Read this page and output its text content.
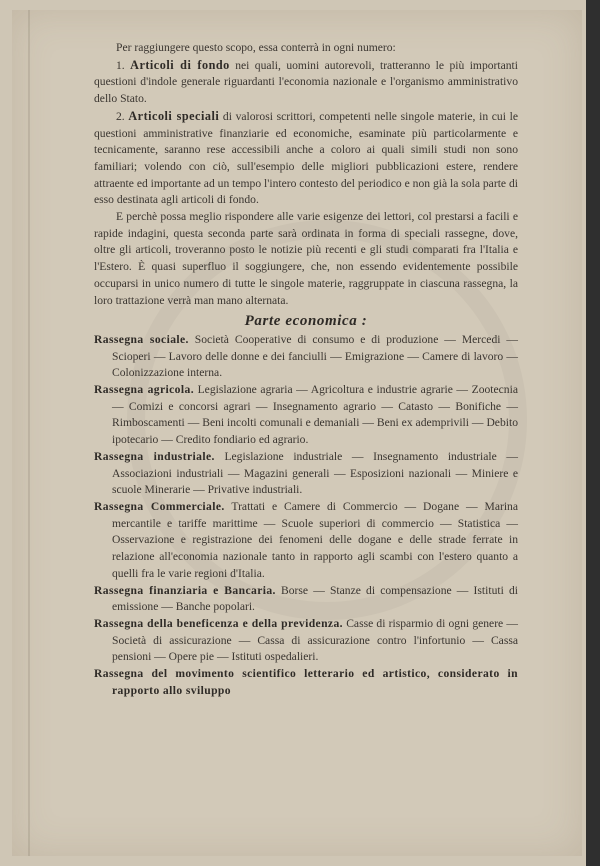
Per raggiungere questo scopo, essa conterrà in ogni numero:

1. Articoli di fondo nei quali, uomini autorevoli, tratteranno le più importanti questioni d'indole generale riguardanti l'economia nazionale e l'organismo amministrativo dello Stato.

2. Articoli speciali di valorosi scrittori, competenti nelle singole materie, in cui le questioni amministrative finanziarie ed economiche, esaminate più particolarmente e tecnicamente, saranno rese accessibili anche a coloro ai quali simili studi non sono familiari; volendo con ciò, sull'esempio delle migliori pubblicazioni estere, rendere attraente ed importante ad un tempo l'intero contesto del periodico e non già la sola parte di esso destinata agli articoli di fondo.

E perchè possa meglio rispondere alle varie esigenze dei lettori, col prestarsi a facili e rapide indagini, questa seconda parte sarà ordinata in forma di speciali rassegne, dove, oltre gli articoli, troveranno posto le notizie più recenti e gli studi comparati fra l'Italia e l'Estero. È quasi superfluo il soggiungere, che, non essendo evidentemente possibile occuparsi in unico numero di tutte le singole materie, raggruppate in ciascuna rassegna, la loro trattazione verrà man mano alternata.

Parte economica :

Rassegna sociale. Società Cooperative di consumo e di produzione — Mercedi — Scioperi — Lavoro delle donne e dei fanciulli — Emigrazione — Camere di lavoro — Colonizzazione interna.

Rassegna agricola. Legislazione agraria — Agricoltura e industrie agrarie — Zootecnia — Comizi e concorsi agrari — Insegnamento agrario — Catasto — Bonifiche — Rimboscamenti — Beni incolti comunali e demaniali — Beni ex ademprivili — Debito ipotecario — Credito fondiario ed agrario.

Rassegna industriale. Legislazione industriale — Insegnamento industriale — Associazioni industriali — Magazini generali — Esposizioni nazionali — Miniere e scuole Minerarie — Privative industriali.

Rassegna Commerciale. Trattati e Camere di Commercio — Dogane — Marina mercantile e tariffe marittime — Scuole superiori di commercio — Statistica — Osservazione e registrazione dei fenomeni delle dogane e delle strade ferrate in relazione all'economia nazionale tanto in rapporto agli scambi con l'estero quanto a quelli fra le varie regioni d'Italia.

Rassegna finanziaria e Bancaria. Borse — Stanze di compensazione — Istituti di emissione — Banche popolari.

Rassegna della beneficenza e della previdenza. Casse di risparmio di ogni genere — Società di assicurazione — Cassa di assicurazione contro l'infortunio — Cassa pensioni — Opere pie — Istituti ospedalieri.

Rassegna del movimento scientifico letterario ed artistico, considerato in rapporto allo sviluppo
